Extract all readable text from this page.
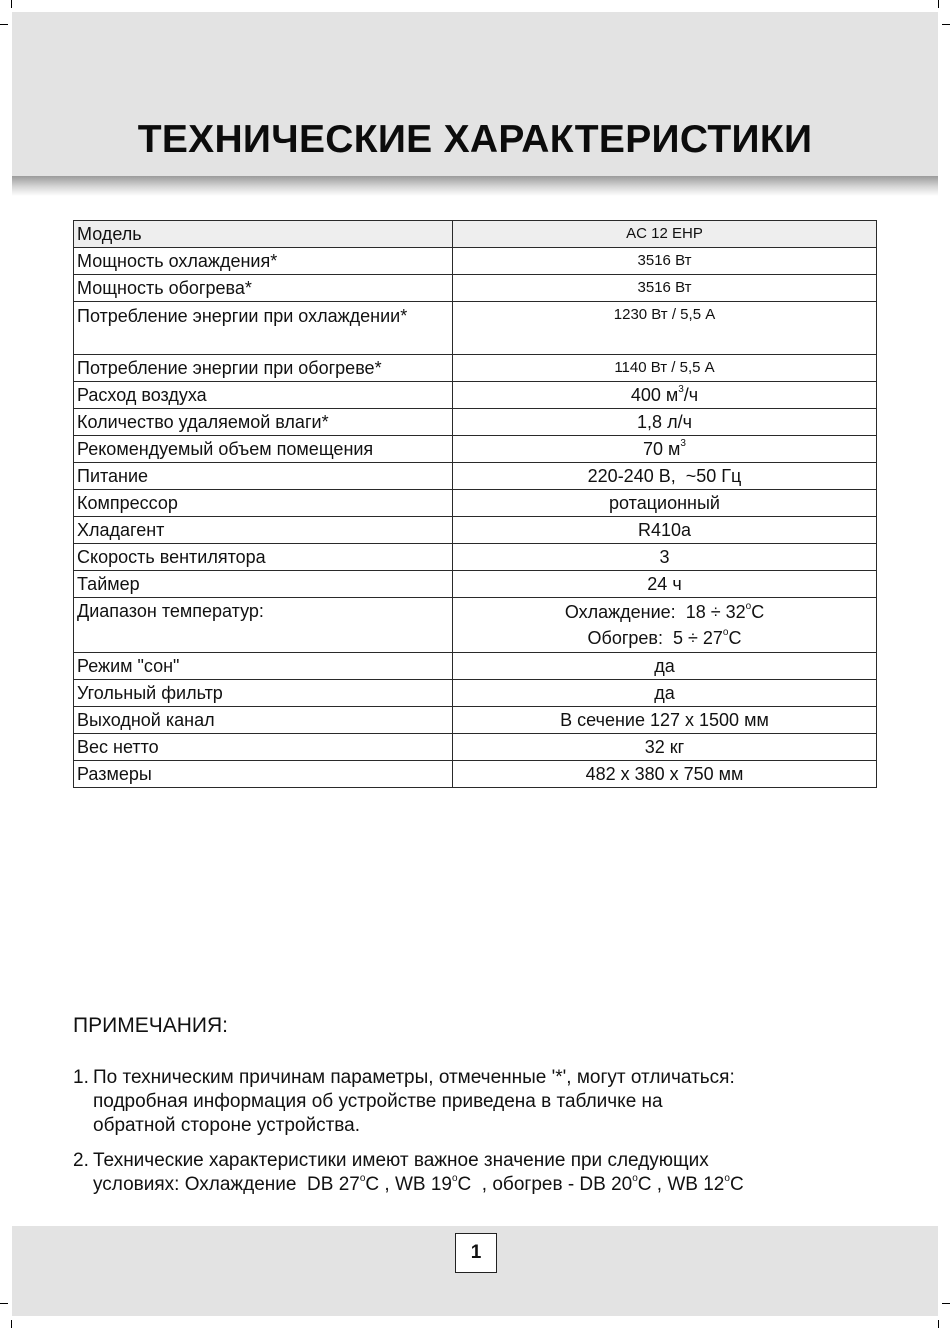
ТЕХНИЧЕСКИЕ ХАРАКТЕРИСТИКИ
Модель	AC 12 EHP
Мощность охлаждения*	3516 Вт
Мощность обогрева*	3516 Вт
Потребление энергии при охлаждении*	1230 Вт / 5,5 А
Потребление энергии при обогреве*	1140 Вт / 5,5 А
Расход воздуха	400 $м^3/ч$
Количество удаляемой влаги*	1,8 л/ч
Рекомендуемый объем помещения	70 $м^3$
Питание	220-240 В,  ~50 Гц
Компрессор	ротационный
Хладагент	R410a
Скорость вентилятора	3
Таймер	24 ч
Диапазон температур:	Охлаждение:  $18 \div 32^oС$
Обогрев:  $5 \div 27^oС$
Режим "сон"	да
Угольный фильтр	да
Выходной канал	В сечение 127 х 1500 мм
Вес нетто	32 кг
Размеры	482 х 380 х 750 мм
ПРИМЕЧАНИЯ:
1. По техническим причинам параметры, отмеченные '*', могут отличаться:
подробная информация об устройстве приведена в табличке на
обратной стороне устройства.
2. Технические характеристики имеют важное значение при следующих
условиях: Охлаждение  DB 27$^o$С , WB 19$^o$С  , обогрев - DB 20$^o$С , WB 12$^o$С
1
